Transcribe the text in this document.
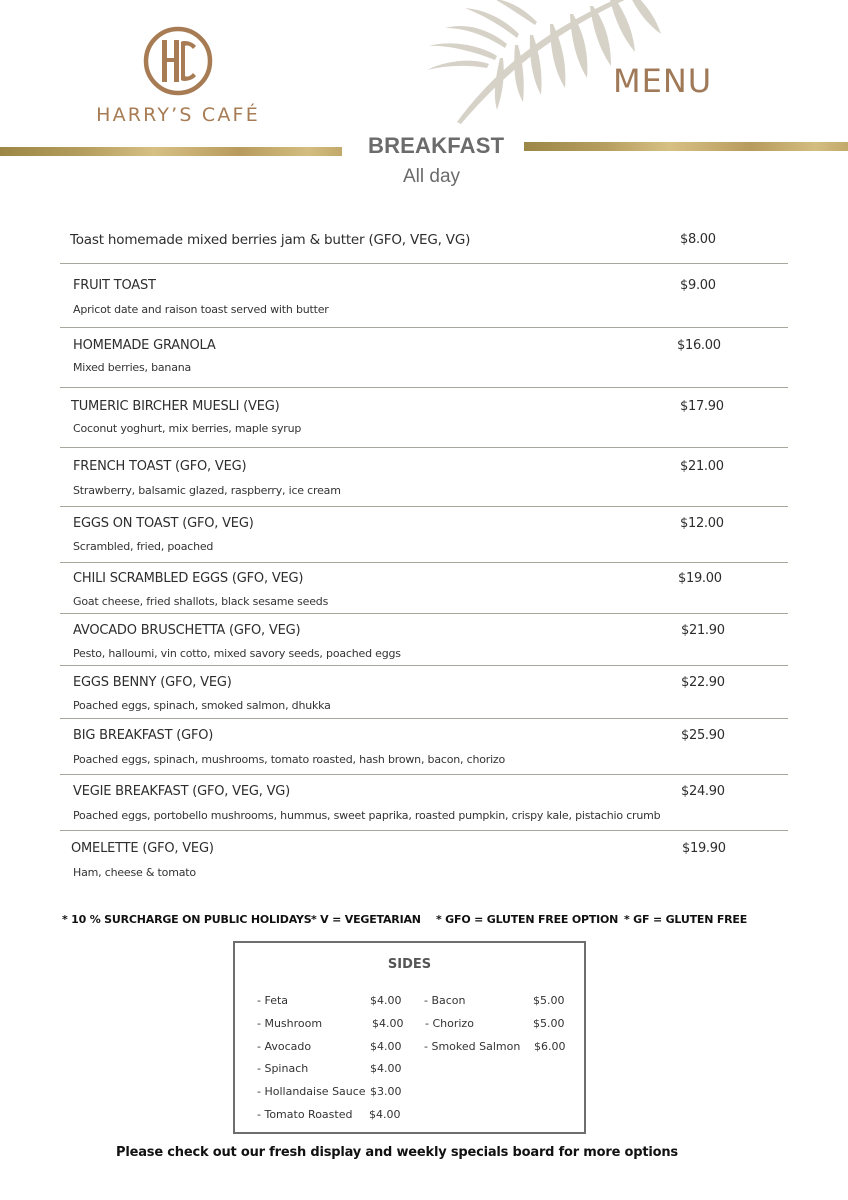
HARRY’S CAFÉ
MENU
BREAKFAST
All day
Toast homemade mixed berries jam & butter (GFO, VEG, VG)	$8.00
FRUIT TOAST
Apricot date and raison toast served with butter
$9.00
HOMEMADE GRANOLA
Mixed berries, banana
$16.00
TUMERIC BIRCHER MUESLI (VEG)
Coconut yoghurt, mix berries, maple syrup
$17.90
FRENCH TOAST (GFO, VEG)
Strawberry, balsamic glazed, raspberry, ice cream
$21.00
EGGS ON TOAST (GFO, VEG)
Scrambled, fried, poached
$12.00
CHILI SCRAMBLED EGGS (GFO, VEG)
Goat cheese, fried shallots, black sesame seeds
$19.00
AVOCADO BRUSCHETTA (GFO, VEG)
Pesto, halloumi, vin cotto, mixed savory seeds, poached eggs
$21.90
EGGS BENNY (GFO, VEG)
Poached eggs, spinach, smoked salmon, dhukka
$22.90
BIG BREAKFAST (GFO)
Poached eggs, spinach, mushrooms, tomato roasted, hash brown, bacon, chorizo
$25.90
VEGIE BREAKFAST (GFO, VEG, VG)
Poached eggs, portobello mushrooms, hummus, sweet paprika, roasted pumpkin, crispy kale, pistachio crumb
$24.90
OMELETTE (GFO, VEG)
Ham, cheese & tomato
$19.90
* 10 % SURCHARGE ON PUBLIC HOLIDAYS * V = VEGETARIAN * GFO = GLUTEN FREE OPTION * GF = GLUTEN FREE
SIDES
- Feta	$4.00
- Mushroom	$4.00
- Avocado	$4.00
- Spinach	$4.00
- Hollandaise Sauce $3.00
- Tomato Roasted $4.00
- Bacon	$5.00
- Chorizo	$5.00
- Smoked Salmon $6.00
Please check out our fresh display and weekly specials board for more options
